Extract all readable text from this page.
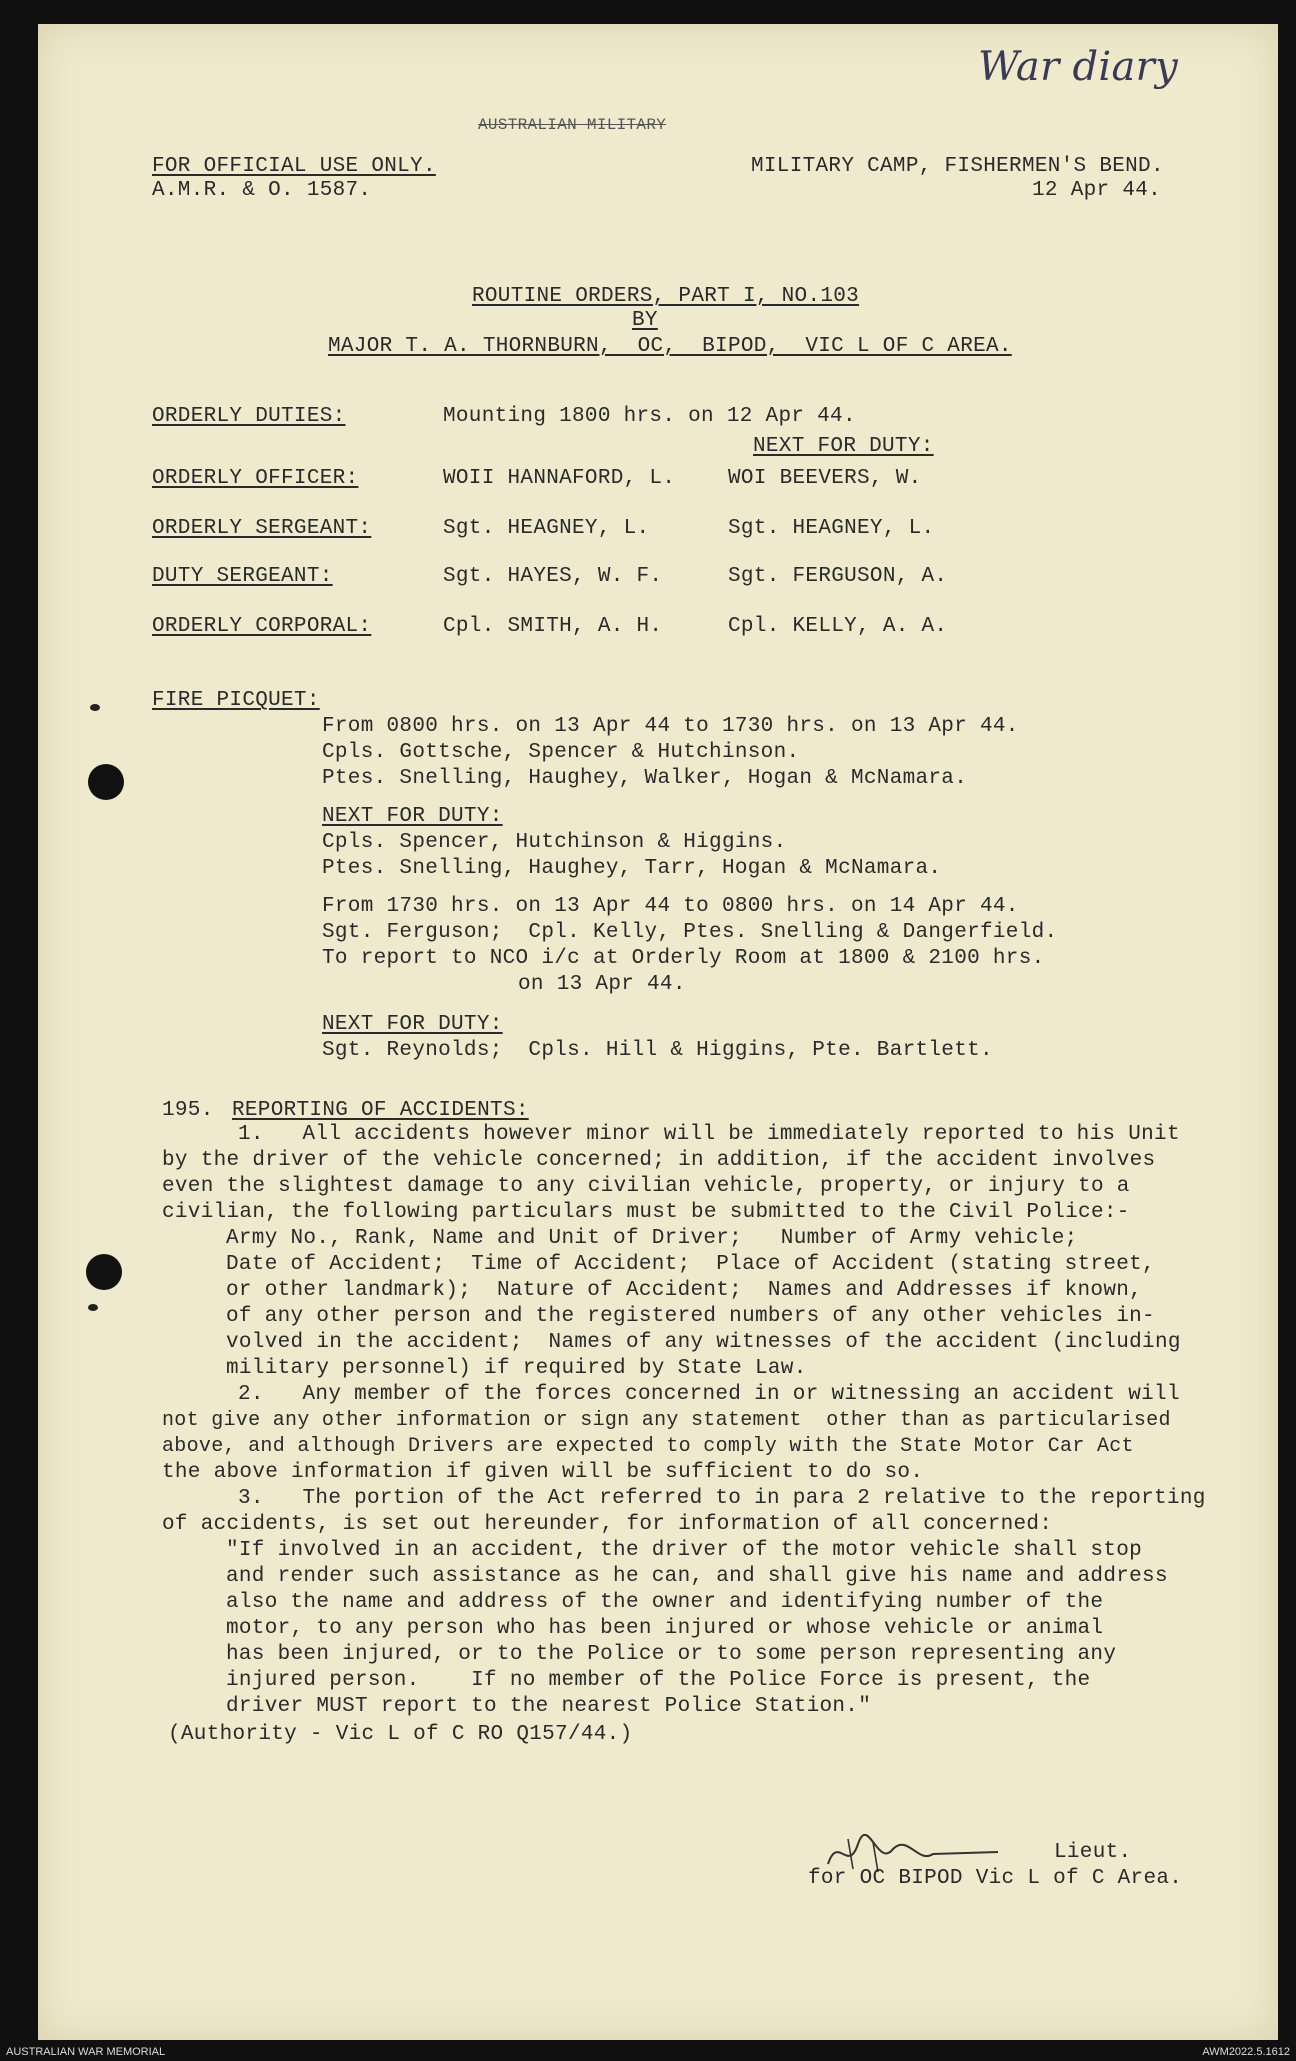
War diary
AUSTRALIAN MILITARY
FOR OFFICIAL USE ONLY.
A.M.R. & O. 1587.
MILITARY CAMP, FISHERMEN'S BEND.
12 Apr 44.
ROUTINE ORDERS, PART I, NO.103
BY
MAJOR T. A. THORNBURN,  OC,  BIPOD,  VIC L OF C AREA.
ORDERLY DUTIES:	Mounting 1800 hrs. on 12 Apr 44.
NEXT FOR DUTY:
ORDERLY OFFICER:	WOII HANNAFORD, L.	WOI BEEVERS, W.
ORDERLY SERGEANT:	Sgt. HEAGNEY, L.	Sgt. HEAGNEY, L.
DUTY SERGEANT:	Sgt. HAYES, W. F.	Sgt. FERGUSON, A.
ORDERLY CORPORAL:	Cpl. SMITH, A. H.	Cpl. KELLY, A. A.
FIRE PICQUET:
From 0800 hrs. on 13 Apr 44 to 1730 hrs. on 13 Apr 44.
Cpls. Gottsche, Spencer & Hutchinson.
Ptes. Snelling, Haughey, Walker, Hogan & McNamara.
NEXT FOR DUTY:
Cpls. Spencer, Hutchinson & Higgins.
Ptes. Snelling, Haughey, Tarr, Hogan & McNamara.
From 1730 hrs. on 13 Apr 44 to 0800 hrs. on 14 Apr 44.
Sgt. Ferguson;  Cpl. Kelly, Ptes. Snelling & Dangerfield.
To report to NCO i/c at Orderly Room at 1800 & 2100 hrs.
on 13 Apr 44.
NEXT FOR DUTY:
Sgt. Reynolds;  Cpls. Hill & Higgins, Pte. Bartlett.
195. REPORTING OF ACCIDENTS:
1.   All accidents however minor will be immediately reported to his Unit
by the driver of the vehicle concerned; in addition, if the accident involves
even the slightest damage to any civilian vehicle, property, or injury to a
civilian, the following particulars must be submitted to the Civil Police:-
Army No., Rank, Name and Unit of Driver;   Number of Army vehicle;
Date of Accident;  Time of Accident;  Place of Accident (stating street,
or other landmark);  Nature of Accident;  Names and Addresses if known,
of any other person and the registered numbers of any other vehicles in-
volved in the accident;  Names of any witnesses of the accident (including
military personnel) if required by State Law.
2.   Any member of the forces concerned in or witnessing an accident will
not give any other information or sign any statement  other than as particularised
above, and although Drivers are expected to comply with the State Motor Car Act
the above information if given will be sufficient to do so.
3.   The portion of the Act referred to in para 2 relative to the reporting
of accidents, is set out hereunder, for information of all concerned:
"If involved in an accident, the driver of the motor vehicle shall stop
and render such assistance as he can, and shall give his name and address
also the name and address of the owner and identifying number of the
motor, to any person who has been injured or whose vehicle or animal
has been injured, or to the Police or to some person representing any
injured person.    If no member of the Police Force is present, the
driver MUST report to the nearest Police Station."
(Authority - Vic L of C RO Q157/44.)
Lieut.
for OC BIPOD Vic L of C Area.
AUSTRALIAN WAR MEMORIAL	AWM2022.5.1612
